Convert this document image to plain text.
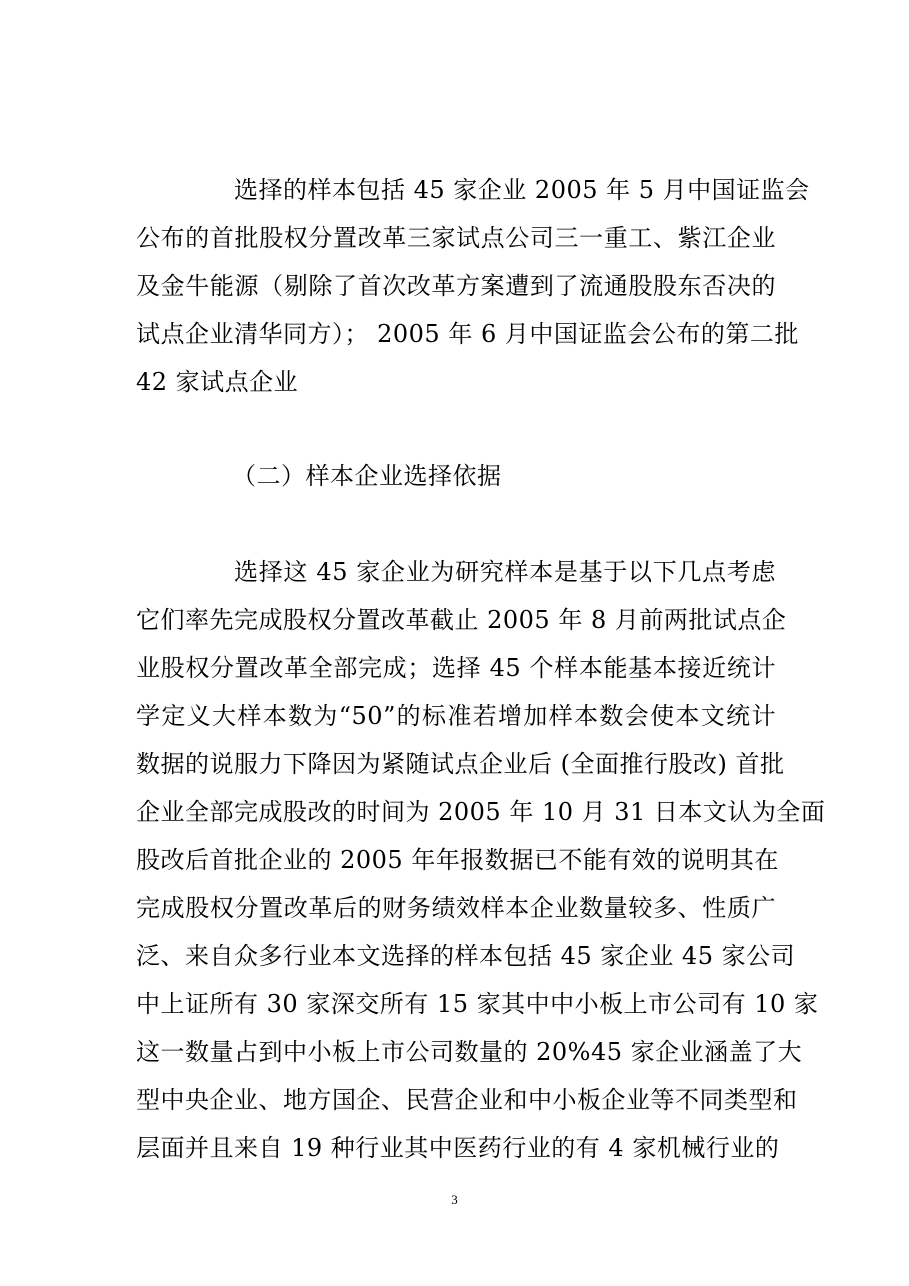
选择的样本包括 45 家企业 2005 年 5 月中国证监会
公布的首批股权分置改革三家试点公司三一重工、紫江企业
及金牛能源（剔除了首次改革方案遭到了流通股股东否决的
试点企业清华同方）； 2005 年 6 月中国证监会公布的第二批
42 家试点企业
（二）样本企业选择依据
选择这 45 家企业为研究样本是基于以下几点考虑
它们率先完成股权分置改革截止 2005 年 8 月前两批试点企
业股权分置改革全部完成；选择 45 个样本能基本接近统计
学定义大样本数为“50”的标准若增加样本数会使本文统计
数据的说服力下降因为紧随试点企业后 (全面推行股改) 首批
企业全部完成股改的时间为 2005 年 10 月 31 日本文认为全面
股改后首批企业的 2005 年年报数据已不能有效的说明其在
完成股权分置改革后的财务绩效样本企业数量较多、性质广
泛、来自众多行业本文选择的样本包括 45 家企业 45 家公司
中上证所有 30 家深交所有 15 家其中中小板上市公司有 10 家
这一数量占到中小板上市公司数量的 20%45 家企业涵盖了大
型中央企业、地方国企、民营企业和中小板企业等不同类型和
层面并且来自 19 种行业其中医药行业的有 4 家机械行业的
3
